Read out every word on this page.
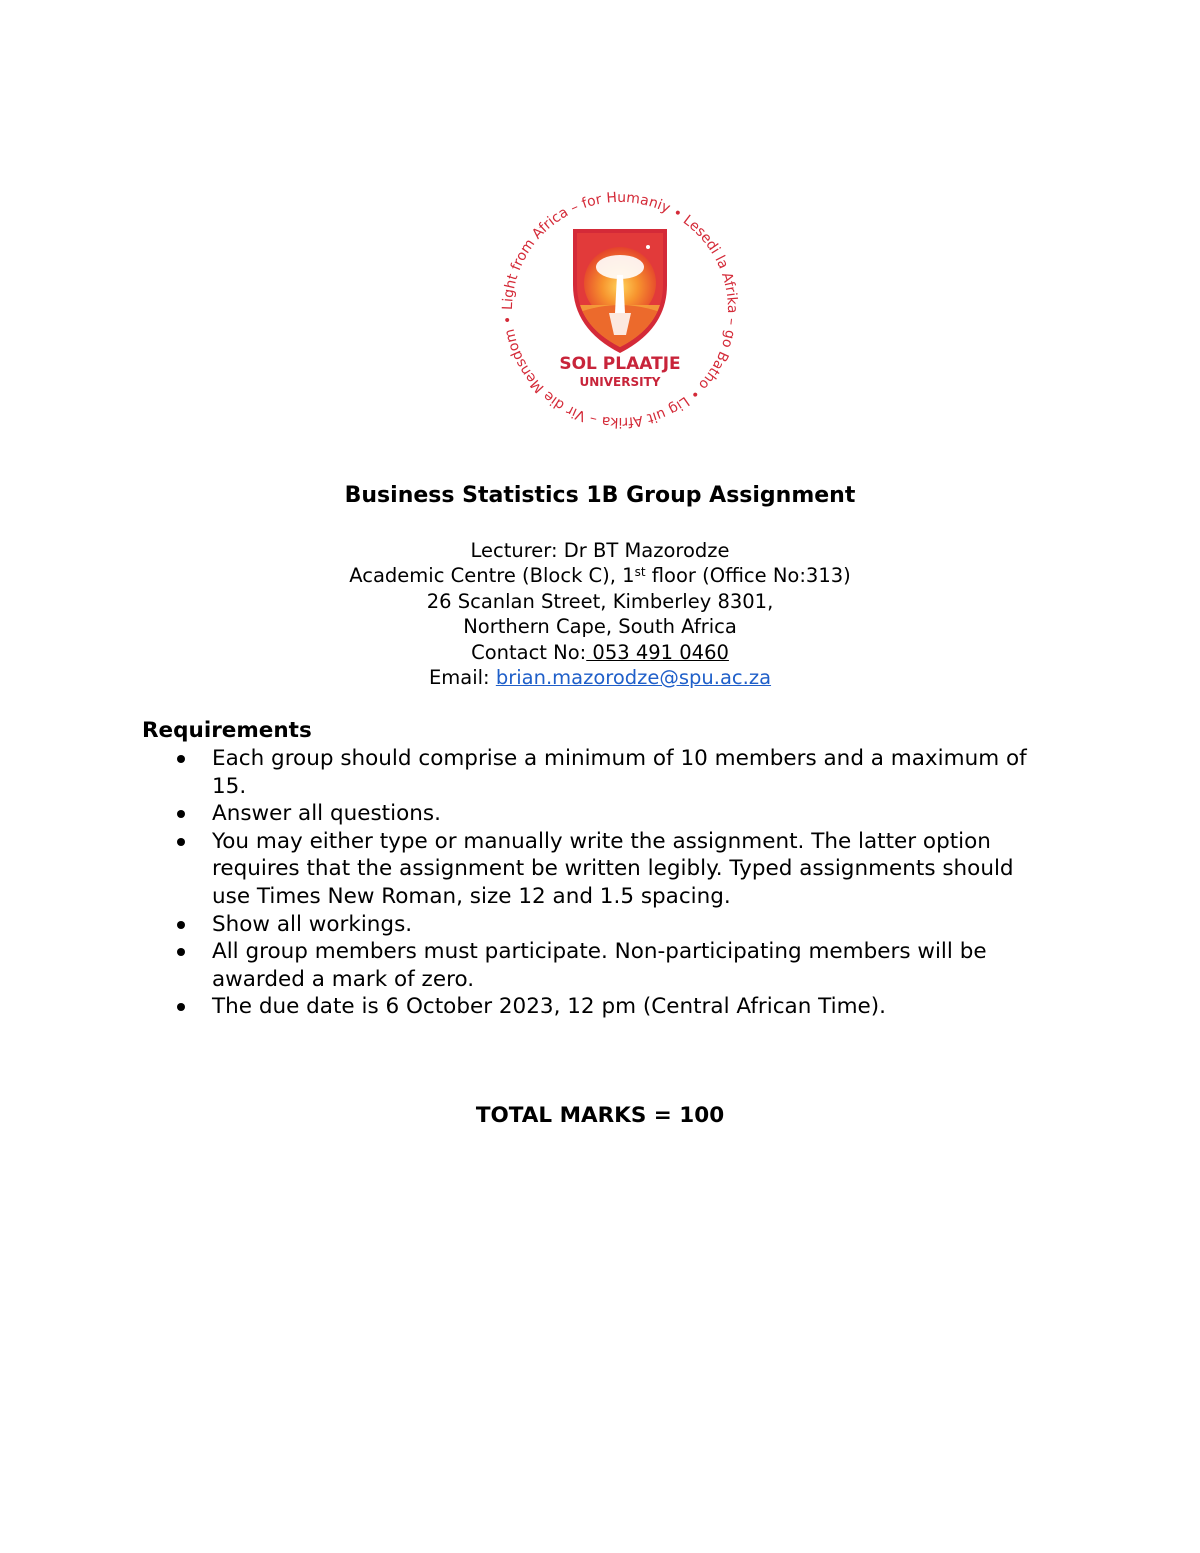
Light from Africa – for Humaniy • Lesedi la Afrika – go Batho • Lig uit Afrika – Vir die Mensdom •
SOL PLAATJE
UNIVERSITY
Business Statistics 1B Group Assignment
Lecturer: Dr BT Mazorodze
Academic Centre (Block C), 1st floor (Office No:313)
26 Scanlan Street, Kimberley 8301,
Northern Cape, South Africa
Contact No: 053 491 0460
Email: brian.mazorodze@spu.ac.za
Requirements
Each group should comprise a minimum of 10 members and a maximum of 15.
Answer all questions.
You may either type or manually write the assignment. The latter option requires that the assignment be written legibly. Typed assignments should use Times New Roman, size 12 and 1.5 spacing.
Show all workings.
All group members must participate. Non-participating members will be awarded a mark of zero.
The due date is 6 October 2023, 12 pm (Central African Time).
TOTAL MARKS = 100
